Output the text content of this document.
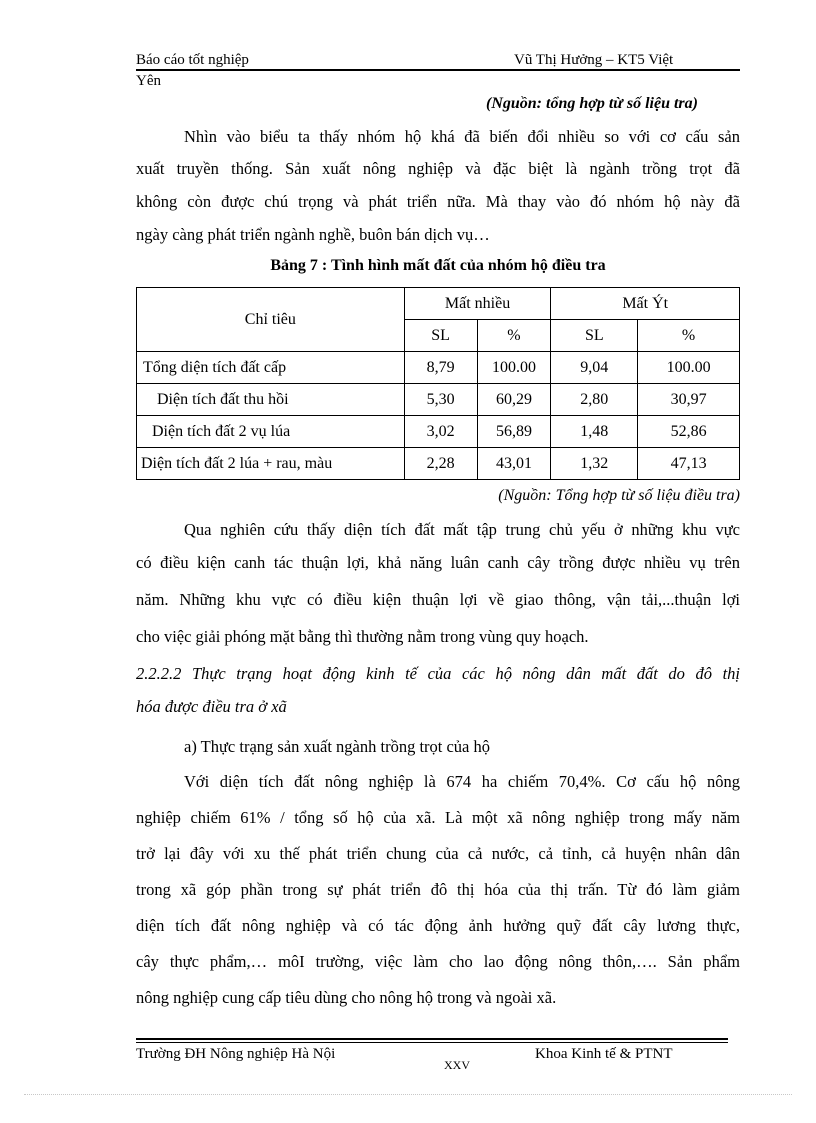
Báo cáo tốt nghiệp	Vũ Thị Hưởng – KT5 Việt
Yên
(Nguồn: tổng hợp từ số liệu tra)
Nhìn vào biểu ta thấy nhóm hộ khá đã biến đổi nhiều so với cơ cấu sản
xuất truyền thống. Sản xuất nông nghiệp và đặc biệt là ngành trồng trọt đã
không còn được chú trọng và phát triển nữa. Mà thay vào đó nhóm hộ này đã
ngày càng phát triển ngành nghề, buôn bán dịch vụ…
Bảng 7 : Tình hình mất đất của nhóm hộ điều tra
Chỉ tiêu	Mất nhiều		Mất Ýt	
	SL	%	SL	%
Tổng diện tích đất cấp	8,79	100.00	9,04	100.00
Diện tích đất thu hồi	5,30	60,29	2,80	30,97
Diện tích đất 2 vụ lúa	3,02	56,89	1,48	52,86
Diện tích đất 2 lúa + rau, màu	2,28	43,01	1,32	47,13
(Nguồn: Tổng hợp từ số liệu điều tra)
Qua nghiên cứu thấy diện tích đất mất tập trung chủ yếu ở những khu vực
có điều kiện canh tác thuận lợi, khả năng luân canh cây trồng được nhiều vụ trên
năm. Những khu vực có điều kiện thuận lợi về giao thông, vận tải,...thuận lợi
cho việc giải phóng mặt bằng thì thường nằm trong vùng quy hoạch.
2.2.2.2 Thực trạng hoạt động kinh tế của các hộ nông dân mất đất do đô thị
hóa được điều tra ở xã
a) Thực trạng sản xuất ngành trồng trọt của hộ
Với diện tích đất nông nghiệp là 674 ha chiếm 70,4%. Cơ cấu hộ nông
nghiệp chiếm 61% / tổng số hộ của xã. Là một xã nông nghiệp trong mấy năm
trở lại đây với xu thế phát triển chung của cả nước, cả tỉnh, cả huyện nhân dân
trong xã góp phần trong sự phát triển đô thị hóa của thị trấn. Từ đó làm giảm
diện tích đất nông nghiệp và có tác động ảnh hưởng quỹ đất cây lương thực,
cây thực phẩm,… môI trường, việc làm cho lao động nông thôn,…. Sản phẩm
nông nghiệp cung cấp tiêu dùng cho nông hộ trong và ngoài xã.
Trường ĐH Nông nghiệp Hà Nội	Khoa Kinh tế & PTNT
XXV
